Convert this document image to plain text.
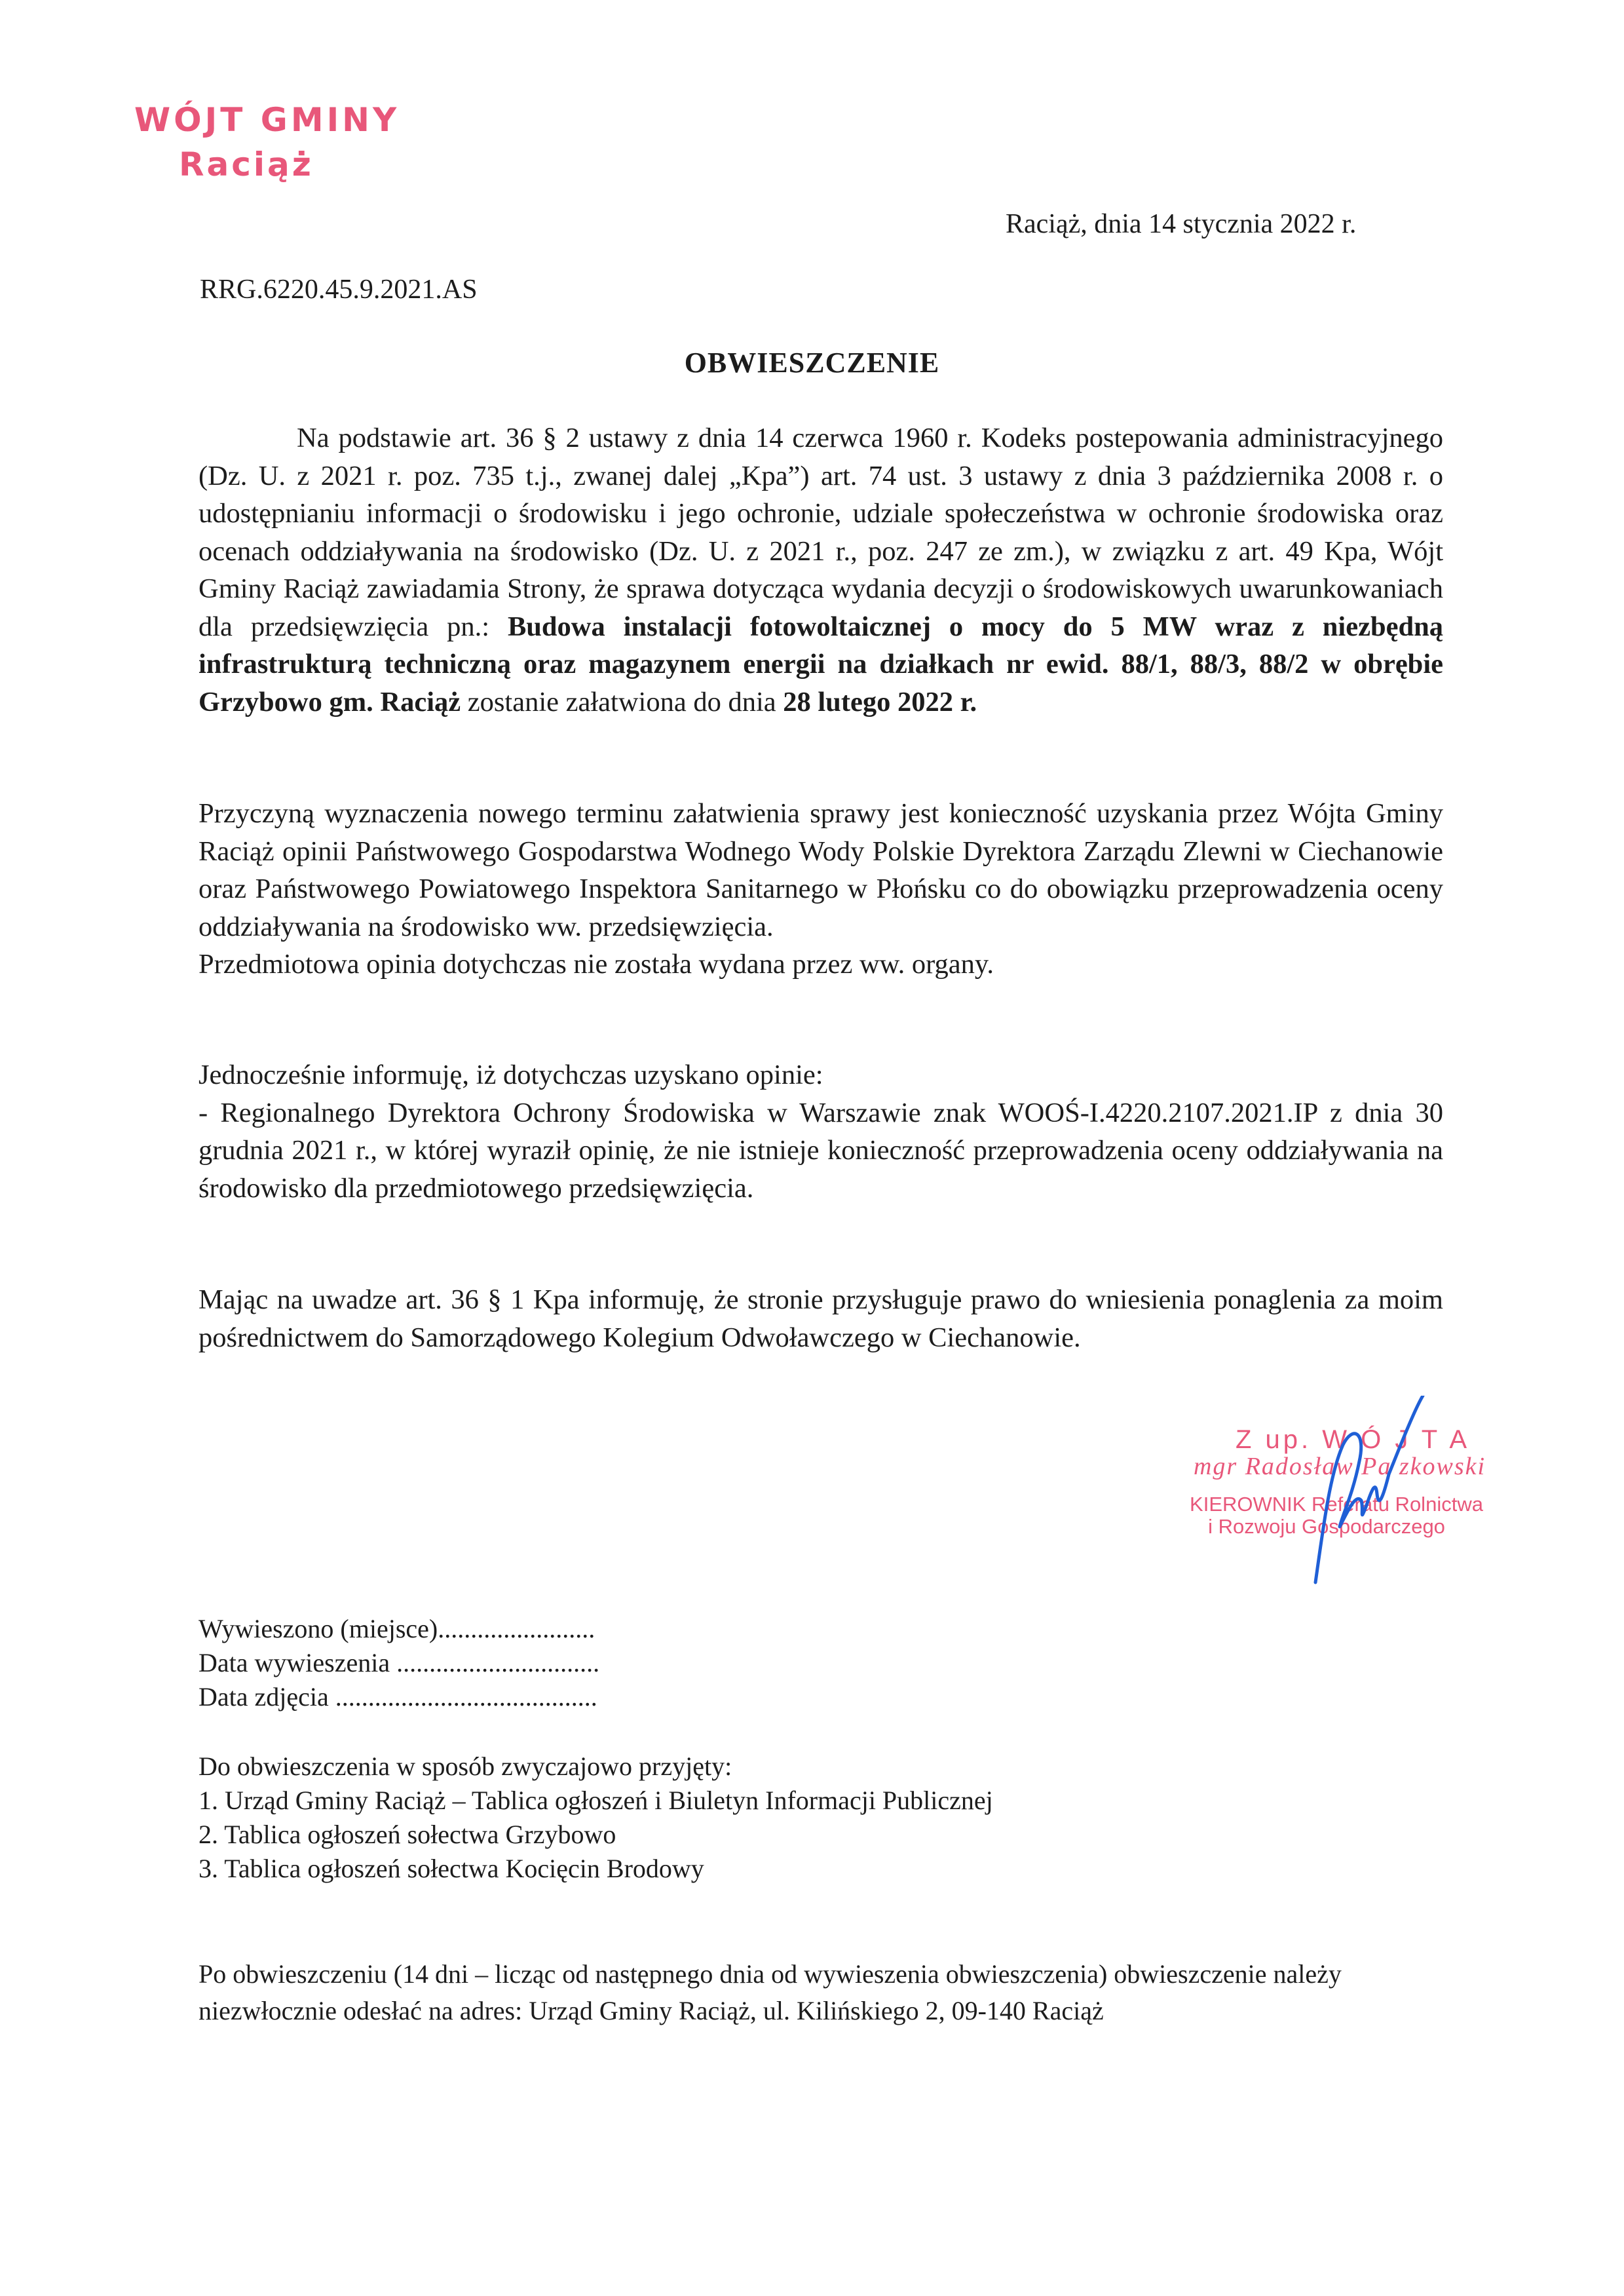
WÓJT GMINY
Raciąż
Raciąż, dnia 14 stycznia 2022 r.
RRG.6220.45.9.2021.AS
OBWIESZCZENIE
Na podstawie art. 36 § 2 ustawy z dnia 14 czerwca 1960 r. Kodeks postepowania administracyjnego (Dz. U. z 2021 r. poz. 735 t.j., zwanej dalej „Kpa”) art. 74 ust. 3 ustawy z dnia 3 października 2008 r. o udostępnianiu informacji o środowisku i jego ochronie, udziale społeczeństwa w ochronie środowiska oraz ocenach oddziaływania na środowisko (Dz. U. z 2021 r., poz. 247 ze zm.), w związku z art. 49 Kpa, Wójt Gminy Raciąż zawiadamia Strony, że sprawa dotycząca wydania decyzji o środowiskowych uwarunkowaniach dla przedsięwzięcia pn.: Budowa instalacji fotowoltaicznej o mocy do 5 MW wraz z niezbędną infrastrukturą techniczną oraz magazynem energii na działkach nr ewid. 88/1, 88/3, 88/2 w obrębie Grzybowo gm. Raciąż zostanie załatwiona do dnia 28 lutego 2022 r.
Przyczyną wyznaczenia nowego terminu załatwienia sprawy jest konieczność uzyskania przez Wójta Gminy Raciąż opinii Państwowego Gospodarstwa Wodnego Wody Polskie Dyrektora Zarządu Zlewni w Ciechanowie oraz Państwowego Powiatowego Inspektora Sanitarnego w Płońsku co do obowiązku przeprowadzenia oceny oddziaływania na środowisko ww. przedsięwzięcia.
Przedmiotowa opinia dotychczas nie została wydana przez ww. organy.
Jednocześnie informuję, iż dotychczas uzyskano opinie:
- Regionalnego Dyrektora Ochrony Środowiska w Warszawie znak WOOŚ-I.4220.2107.2021.IP z dnia 30 grudnia 2021 r., w której wyraził opinię, że nie istnieje konieczność przeprowadzenia oceny oddziaływania na środowisko dla przedmiotowego przedsięwzięcia.
Mając na uwadze art. 36 § 1 Kpa informuję, że stronie przysługuje prawo do wniesienia ponaglenia za moim pośrednictwem do Samorządowego Kolegium Odwoławczego w Ciechanowie.
Z up. W Ó J T A
mgr Radosław Pa zkowski
KIEROWNIK Referatu Rolnictwa
i Rozwoju Gospodarczego
Wywieszono (miejsce)........................
Data wywieszenia ...............................
Data zdjęcia ........................................
Do obwieszczenia w sposób zwyczajowo przyjęty:
1. Urząd Gminy Raciąż – Tablica ogłoszeń i Biuletyn Informacji Publicznej
2. Tablica ogłoszeń sołectwa Grzybowo
3. Tablica ogłoszeń sołectwa Kocięcin Brodowy
Po obwieszczeniu (14 dni – licząc od następnego dnia od wywieszenia obwieszczenia) obwieszczenie należy niezwłocznie odesłać na adres: Urząd Gminy Raciąż, ul. Kilińskiego 2, 09-140 Raciąż
